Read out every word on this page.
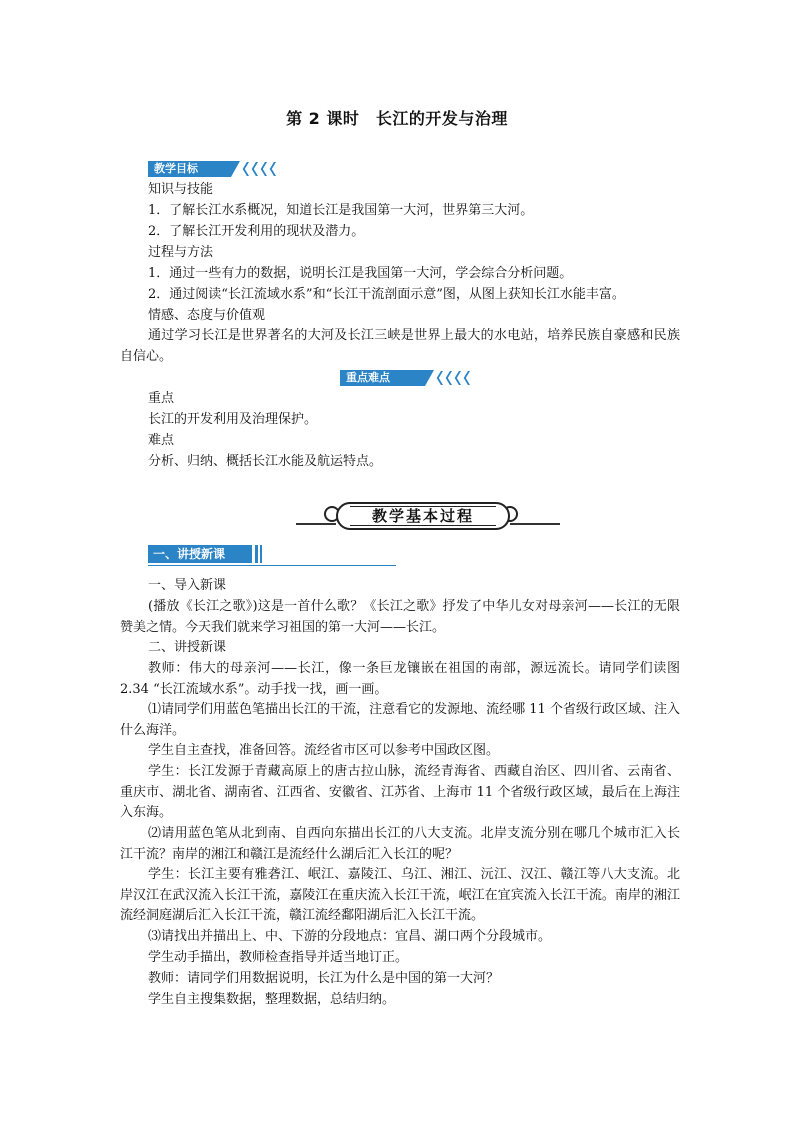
第 2 课时　长江的开发与治理
教学目标
知识与技能
1．了解长江水系概况，知道长江是我国第一大河，世界第三大河。
2．了解长江开发利用的现状及潜力。
过程与方法
1．通过一些有力的数据，说明长江是我国第一大河，学会综合分析问题。
2．通过阅读“长江流域水系”和“长江干流剖面示意”图，从图上获知长江水能丰富。
情感、态度与价值观
通过学习长江是世界著名的大河及长江三峡是世界上最大的水电站，培养民族自豪感和民族自信心。
重点难点
重点
长江的开发利用及治理保护。
难点
分析、归纳、概括长江水能及航运特点。
教学基本过程
一、讲授新课
一、导入新课
(播放《长江之歌》)这是一首什么歌？《长江之歌》抒发了中华儿女对母亲河——长江的无限赞美之情。今天我们就来学习祖国的第一大河——长江。
二、讲授新课
教师：伟大的母亲河——长江，像一条巨龙镶嵌在祖国的南部，源远流长。请同学们读图 2.34 “长江流域水系”。动手找一找，画一画。
⑴请同学们用蓝色笔描出长江的干流，注意看它的发源地、流经哪 11 个省级行政区域、注入什么海洋。
学生自主查找，准备回答。流经省市区可以参考中国政区图。
学生：长江发源于青藏高原上的唐古拉山脉，流经青海省、西藏自治区、四川省、云南省、重庆市、湖北省、湖南省、江西省、安徽省、江苏省、上海市 11 个省级行政区域，最后在上海注入东海。
⑵请用蓝色笔从北到南、自西向东描出长江的八大支流。北岸支流分别在哪几个城市汇入长江干流？南岸的湘江和赣江是流经什么湖后汇入长江的呢？
学生：长江主要有雅砻江、岷江、嘉陵江、乌江、湘江、沅江、汉江、赣江等八大支流。北岸汉江在武汉流入长江干流，嘉陵江在重庆流入长江干流，岷江在宜宾流入长江干流。南岸的湘江流经洞庭湖后汇入长江干流，赣江流经鄱阳湖后汇入长江干流。
⑶请找出并描出上、中、下游的分段地点：宜昌、湖口两个分段城市。
学生动手描出，教师检查指导并适当地订正。
教师：请同学们用数据说明，长江为什么是中国的第一大河？
学生自主搜集数据，整理数据，总结归纳。
